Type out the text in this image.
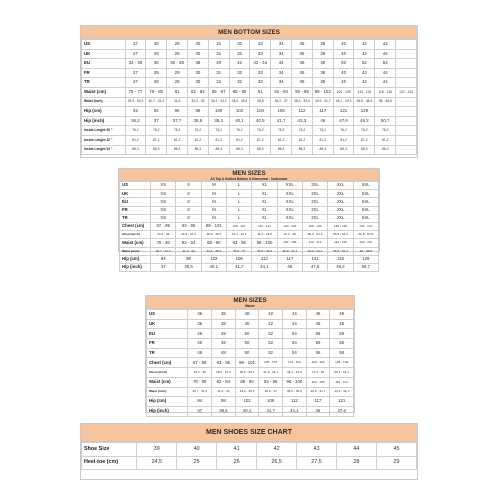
MEN BOTTOM SIZES
US	27	28	29	30	31	32	33	34	36	38	40	42	44	
UK	27	28	29	30	31	32	33	34	36	38	40	42	44	
EU	34 - 36	36	36 - 38	38	40	42	42 - 44	44	46	48	50	52	54	
FR	27	28	29	30	31	32	33	34	36	38	40	42	44	
TR	27	28	29	30	31	32	33	34	36	38	40	42	44	
Waist (cm)	75 - 77	78 - 80	81	82 - 84	85 - 87	88 - 90	91	92 - 94	95 - 98	99 - 103	104 - 109	110 - 115	116 - 118	122 - 124
Waist (inch)	29,5 - 30,3	30,7 - 31,4	31,8	32,2 - 33	33,4 - 34,2	34,6 - 35,4	35,8	36,2 - 37	38,3 - 39,0	40,9 - 41,7	44,1 - 43,3	45,6 - 46,4	48 - 48,8	
Hip (cm)	92	94	96	98	100	102	104	106	112	117	121	129		
Hip (inch)	36,2	37	37,7	38,5	39,3	40,1	40,9	41,7	43,3	46	47,6	49,2	50,7	
Inside Lenght 30 "	76,2	76,2	76,2	76,2	76,2	76,2	76,2	76,2	76,2	76,2	76,2	76,2	76,2	
Inside Lenght 32 "	81,2	81,2	81,2	81,2	81,2	81,2	81,2	81,2	81,2	81,2	81,2	81,2	81,2	
Inside Lenght 34 "	86,3	86,3	86,3	86,3	86,3	86,3	86,3	86,3	86,3	86,3	86,3	86,3	86,3	
MEN SIZES
All Top & Knitted Bottom & Homewear - Underwear
US	XS	S	M	L	XL	XXL	3XL	4XL	5XL
UK	XS	S	M	L	XL	XXL	3XL	4XL	5XL
EU	XS	S	M	L	XL	XXL	3XL	4XL	5XL
FR	XS	S	M	L	XL	XXL	3XL	4XL	5XL
TR	XS	S	M	L	XL	XXL	3XL	4XL	5XL
Chest (cm)	87 - 89	93 - 95	99 - 101	105 - 107	112 - 114	120 - 122	128 - 130	136 - 138	144 - 147
Chest (inch)	34,2 - 35	36,6 - 37,4	38,9 - 39,7	41,3 - 42,1	44,1 - 44,8	47,2 - 48	50,3 - 51,1	53,5 - 54,3	56,6 - 57,8
Waist (cm)	78 - 80	82 - 84	88 - 90	93 - 95	98 - 100	104 - 106	110 - 112	116 - 118	122 - 124
Waist (inch)	30,7 - 31,4	32,2 - 33	34,6 - 35,4	36,6 - 37	38,5 - 39,3	40,9 - 41,7	43,3 - 44,1	45,6 - 46,4	48 - 48,8
Hip (cm)	94	98	102	106	112	117	121	125	129
Hip (inch)	37	38,5	40,1	41,7	44,1	46	47,6	49,2	50,7
MEN SIZES
Blazer
US	36	38	40	42	44	46	48
UK	36	38	40	42	44	46	48
EU	46	48	50	52	54	56	58
FR	46	48	50	52	54	56	58
TR	46	48	50	52	54	56	58
Chest (cm)	87 - 89	93 - 95	99 - 101	105 - 107	112 - 114	120 - 122	128 - 130
Chest (inch)	34,2 - 35	36,6 - 37,4	38,9 - 39,7	41,3 - 42,1	44,1 - 44,8	47,2 - 48	50,3 - 51,1
Waist (cm)	78 - 80	82 - 84	88 - 90	93 - 95	98 - 100	104 - 106	110 - 112
Waist (inch)	30,7 - 31,4	32,2 - 33	34,6 - 35,4	36,6 - 37	38,5 - 39,3	40,9 - 41,7	43,3 - 44,1
Hip (cm)	94	98	102	106	112	117	121
Hip (inch)	37	38,5	40,1	41,7	44,1	46	47,6
MEN SHOES SIZE CHART
Shoe Size	39	40	41	42	43	44	45
Heel-toe (cm)	24,5	25	26	26,5	27,5	28	29
